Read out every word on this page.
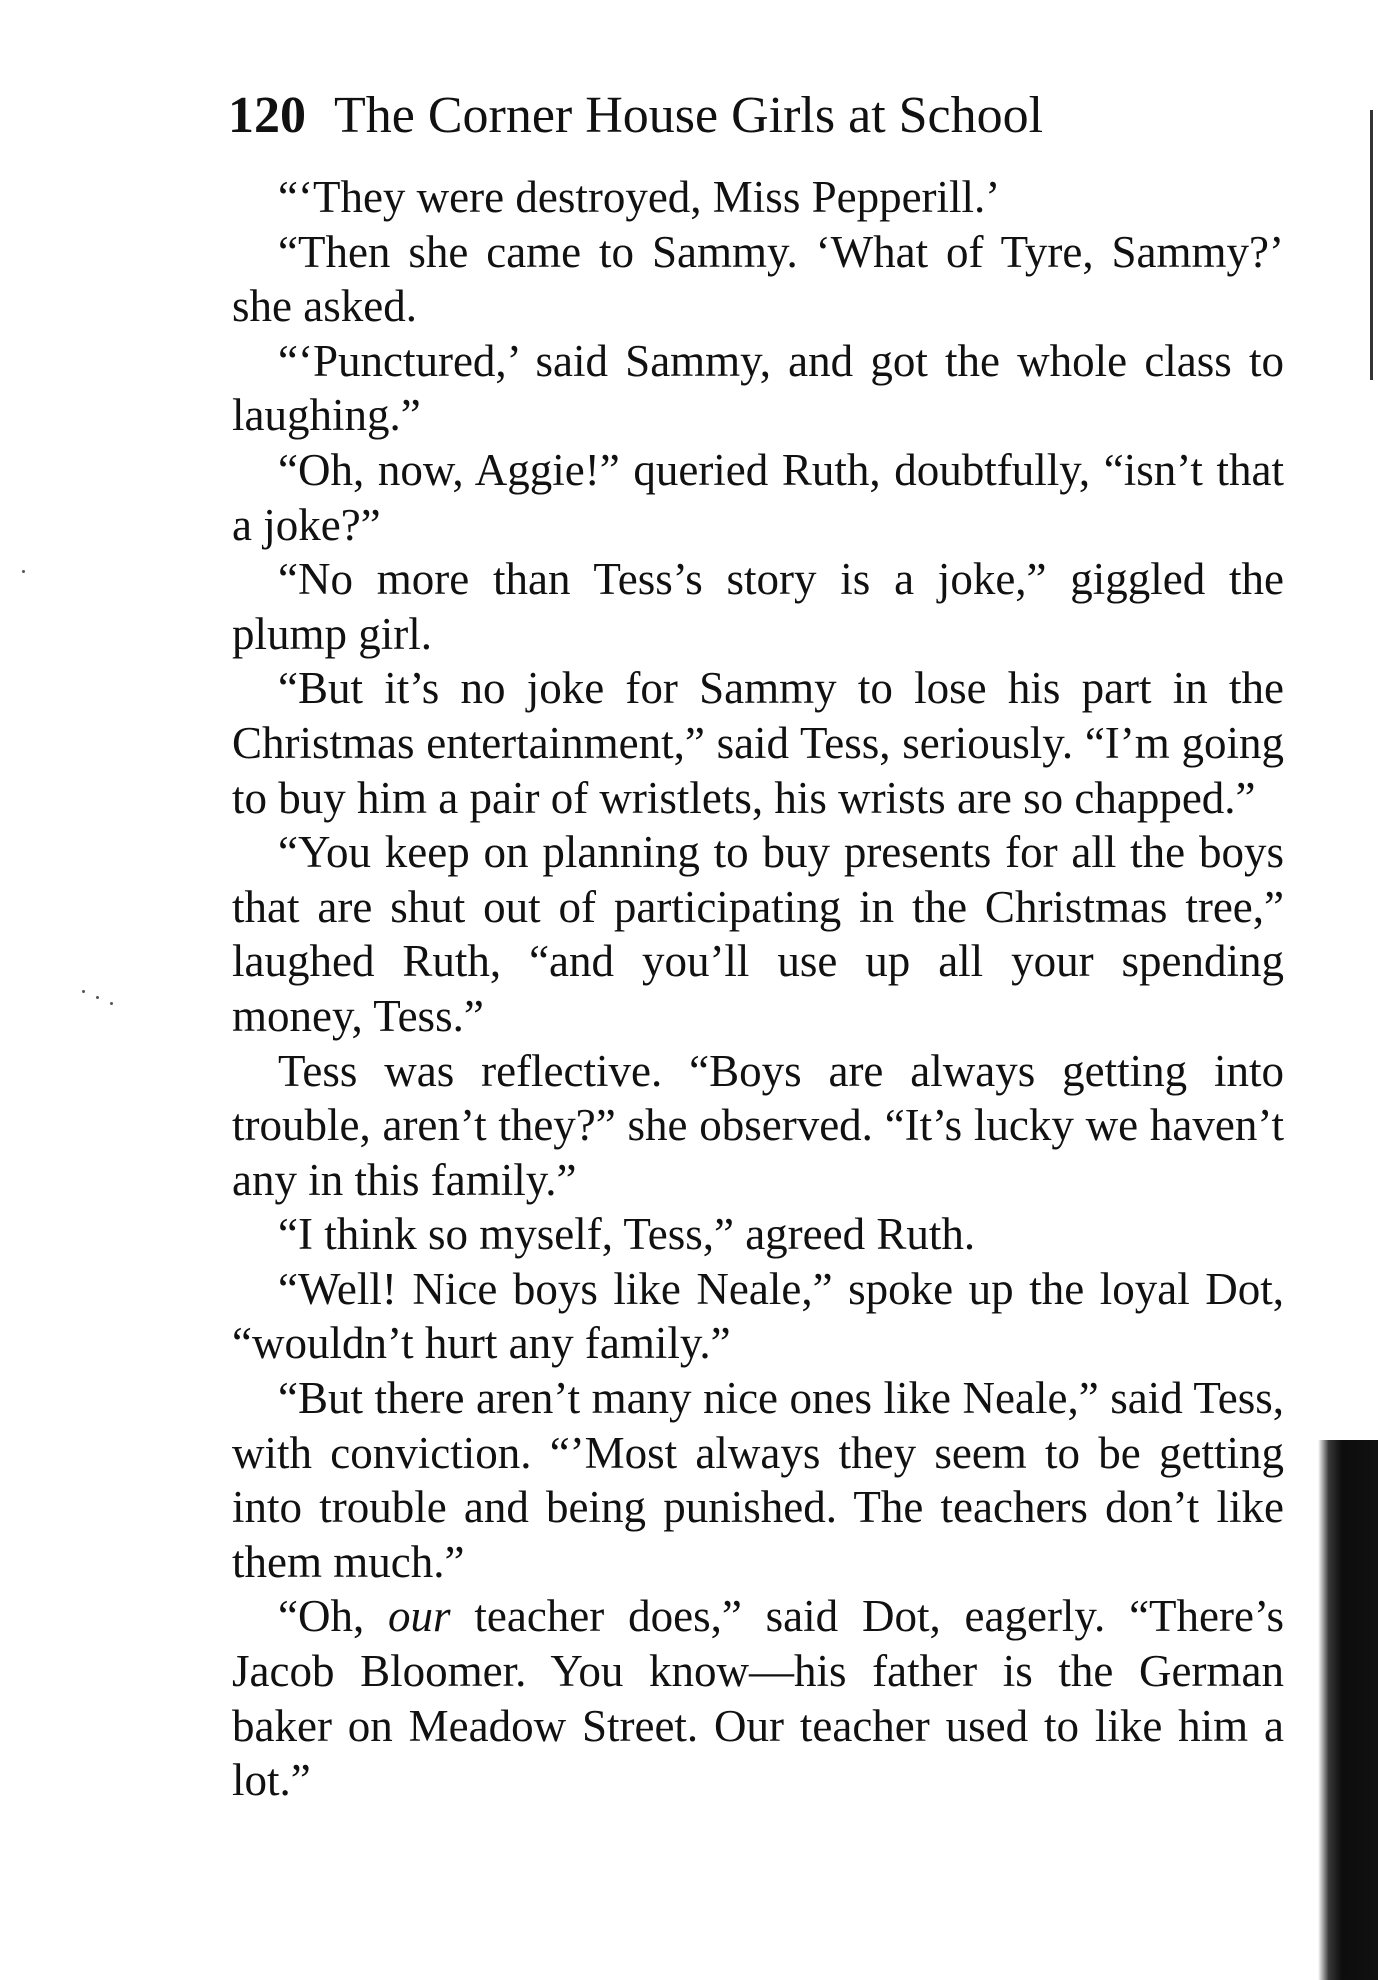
120 The Corner House Girls at School

“‘They were destroyed, Miss Pepperill.’

“Then she came to Sammy. ‘What of Tyre, Sammy?’ she asked.

“‘Punctured,’ said Sammy, and got the whole class to laughing.”

“Oh, now, Aggie!” queried Ruth, doubtfully, “isn’t that a joke?”

“No more than Tess’s story is a joke,” giggled the plump girl.

“But it’s no joke for Sammy to lose his part in the Christmas entertainment,” said Tess, seriously. “I’m going to buy him a pair of wristlets, his wrists are so chapped.”

“You keep on planning to buy presents for all the boys that are shut out of participating in the Christmas tree,” laughed Ruth, “and you’ll use up all your spending money, Tess.”

Tess was reflective. “Boys are always getting into trouble, aren’t they?” she observed. “It’s lucky we haven’t any in this family.”

“I think so myself, Tess,” agreed Ruth.

“Well! Nice boys like Neale,” spoke up the loyal Dot, “wouldn’t hurt any family.”

“But there aren’t many nice ones like Neale,” said Tess, with conviction. “’Most always they seem to be getting into trouble and being punished. The teachers don’t like them much.”

“Oh, our teacher does,” said Dot, eagerly. “There’s Jacob Bloomer. You know—his father is the German baker on Meadow Street. Our teacher used to like him a lot.”
